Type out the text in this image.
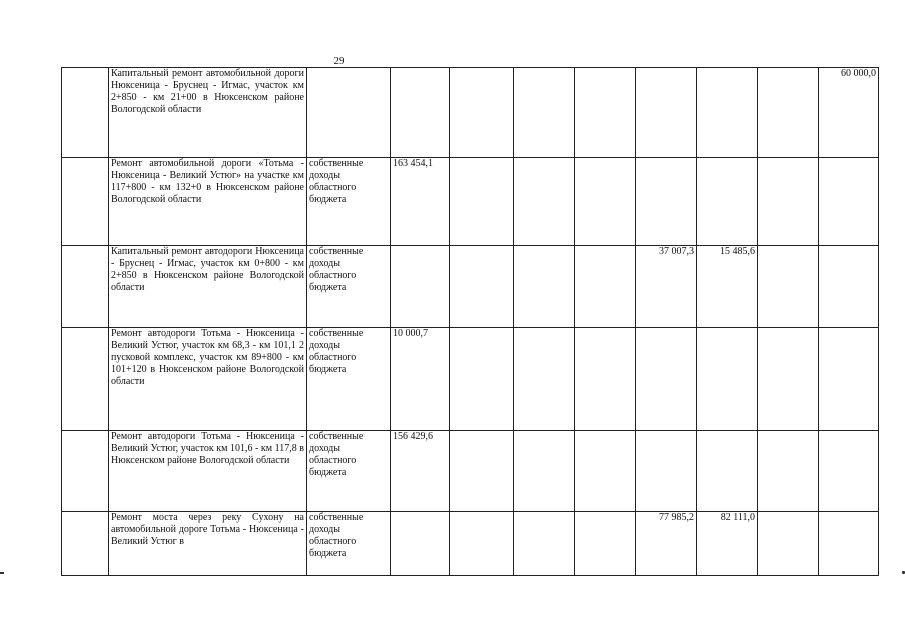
29
	Капитальный ремонт автомобильной дороги Нюксеница - Бруснец - Игмас, участок км 2+850 - км 21+00 в Нюксенском районе Вологодской области									60 000,0	
	Ремонт автомобильной дороги «Тотьма - Нюксеница - Великий Устюг» на участке км 117+800 - км 132+0 в Нюксенском районе Вологодской области	собственные доходы областного бюджета	163 454,1								
	Капитальный ремонт автодороги Нюксеница - Бруснец - Игмас, участок км 0+800 - км 2+850 в Нюксенском районе Вологодской области	собственные доходы областного бюджета					37 007,3	15 485,6			
	Ремонт автодороги Тотьма - Нюксеница - Великий Устюг, участок км 68,3 - км 101,1 2 пусковой комплекс, участок км 89+800 - км 101+120 в Нюксенском районе Вологодской области	собственные доходы областного бюджета	10 000,7								
	Ремонт автодороги Тотьма - Нюксеница - Великий Устюг, участок км 101,6 - км 117,8 в Нюксенском районе Вологодской области	собственные доходы областного бюджета	156 429,6								
	Ремонт моста через реку Сухону на автомобильной дороге Тотьма - Нюксеница - Великий Устюг в	собственные доходы областного бюджета					77 985,2	82 111,0			
